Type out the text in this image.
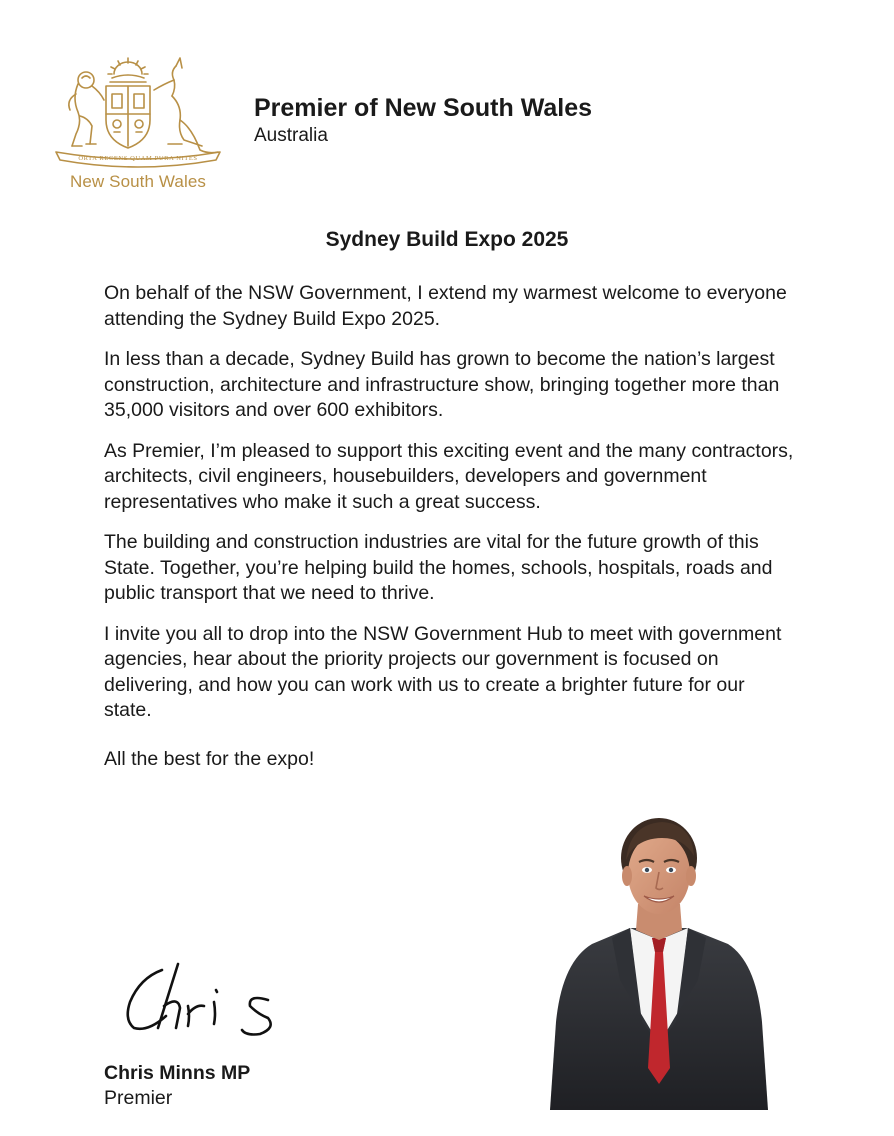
ORTA RECENS QUAM PURA NITES
New South Wales
Premier of New South Wales
Australia
Sydney Build Expo 2025

On behalf of the NSW Government, I extend my warmest welcome to everyone attending the Sydney Build Expo 2025.

In less than a decade, Sydney Build has grown to become the nation’s largest construction, architecture and infrastructure show, bringing together more than 35,000 visitors and over 600 exhibitors.

As Premier, I’m pleased to support this exciting event and the many contractors, architects, civil engineers, housebuilders, developers and government representatives who make it such a great success.

The building and construction industries are vital for the future growth of this State. Together, you’re helping build the homes, schools, hospitals, roads and public transport that we need to thrive.

I invite you all to drop into the NSW Government Hub to meet with government agencies, hear about the priority projects our government is focused on delivering, and how you can work with us to create a brighter future for our state.

All the best for the expo!

Chris Minns MP
Premier
